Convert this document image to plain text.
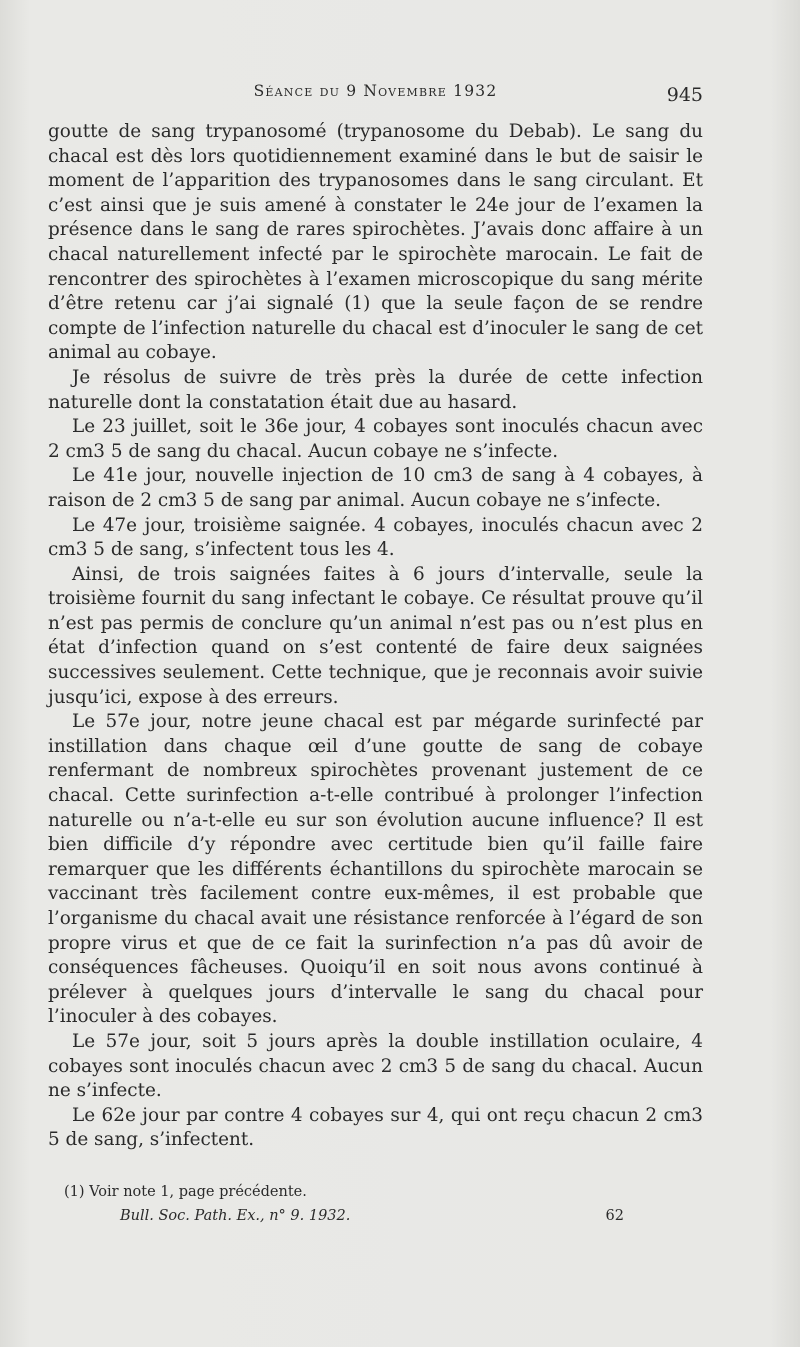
Séance du 9 Novembre 1932	945

goutte de sang trypanosomé (trypanosome du Debab). Le sang du chacal est dès lors quotidiennement examiné dans le but de saisir le moment de l’apparition des trypanosomes dans le sang circulant. Et c’est ainsi que je suis amené à constater le 24e jour de l’examen la présence dans le sang de rares spirochètes. J’avais donc affaire à un chacal naturellement infecté par le spirochète marocain. Le fait de rencontrer des spirochètes à l’examen microscopique du sang mérite d’être retenu car j’ai signalé (1) que la seule façon de se rendre compte de l’infection naturelle du chacal est d’inoculer le sang de cet animal au cobaye.

Je résolus de suivre de très près la durée de cette infection naturelle dont la constatation était due au hasard.

Le 23 juillet, soit le 36e jour, 4 cobayes sont inoculés chacun avec 2 cm3 5 de sang du chacal. Aucun cobaye ne s’infecte.

Le 41e jour, nouvelle injection de 10 cm3 de sang à 4 cobayes, à raison de 2 cm3 5 de sang par animal. Aucun cobaye ne s’infecte.

Le 47e jour, troisième saignée. 4 cobayes, inoculés chacun avec 2 cm3 5 de sang, s’infectent tous les 4.

Ainsi, de trois saignées faites à 6 jours d’intervalle, seule la troisième fournit du sang infectant le cobaye. Ce résultat prouve qu’il n’est pas permis de conclure qu’un animal n’est pas ou n’est plus en état d’infection quand on s’est contenté de faire deux saignées successives seulement. Cette technique, que je reconnais avoir suivie jusqu’ici, expose à des erreurs.

Le 57e jour, notre jeune chacal est par mégarde surinfecté par instillation dans chaque œil d’une goutte de sang de cobaye renfermant de nombreux spirochètes provenant justement de ce chacal. Cette surinfection a-t-elle contribué à prolonger l’infection naturelle ou n’a-t-elle eu sur son évolution aucune influence? Il est bien difficile d’y répondre avec certitude bien qu’il faille faire remarquer que les différents échantillons du spirochète marocain se vaccinant très facilement contre eux-mêmes, il est probable que l’organisme du chacal avait une résistance renforcée à l’égard de son propre virus et que de ce fait la surinfection n’a pas dû avoir de conséquences fâcheuses. Quoiqu’il en soit nous avons continué à prélever à quelques jours d’intervalle le sang du chacal pour l’inoculer à des cobayes.

Le 57e jour, soit 5 jours après la double instillation oculaire, 4 cobayes sont inoculés chacun avec 2 cm3 5 de sang du chacal. Aucun ne s’infecte.

Le 62e jour par contre 4 cobayes sur 4, qui ont reçu chacun 2 cm3 5 de sang, s’infectent.

(1) Voir note 1, page précédente.

Bull. Soc. Path. Ex., n° 9. 1932.	62
